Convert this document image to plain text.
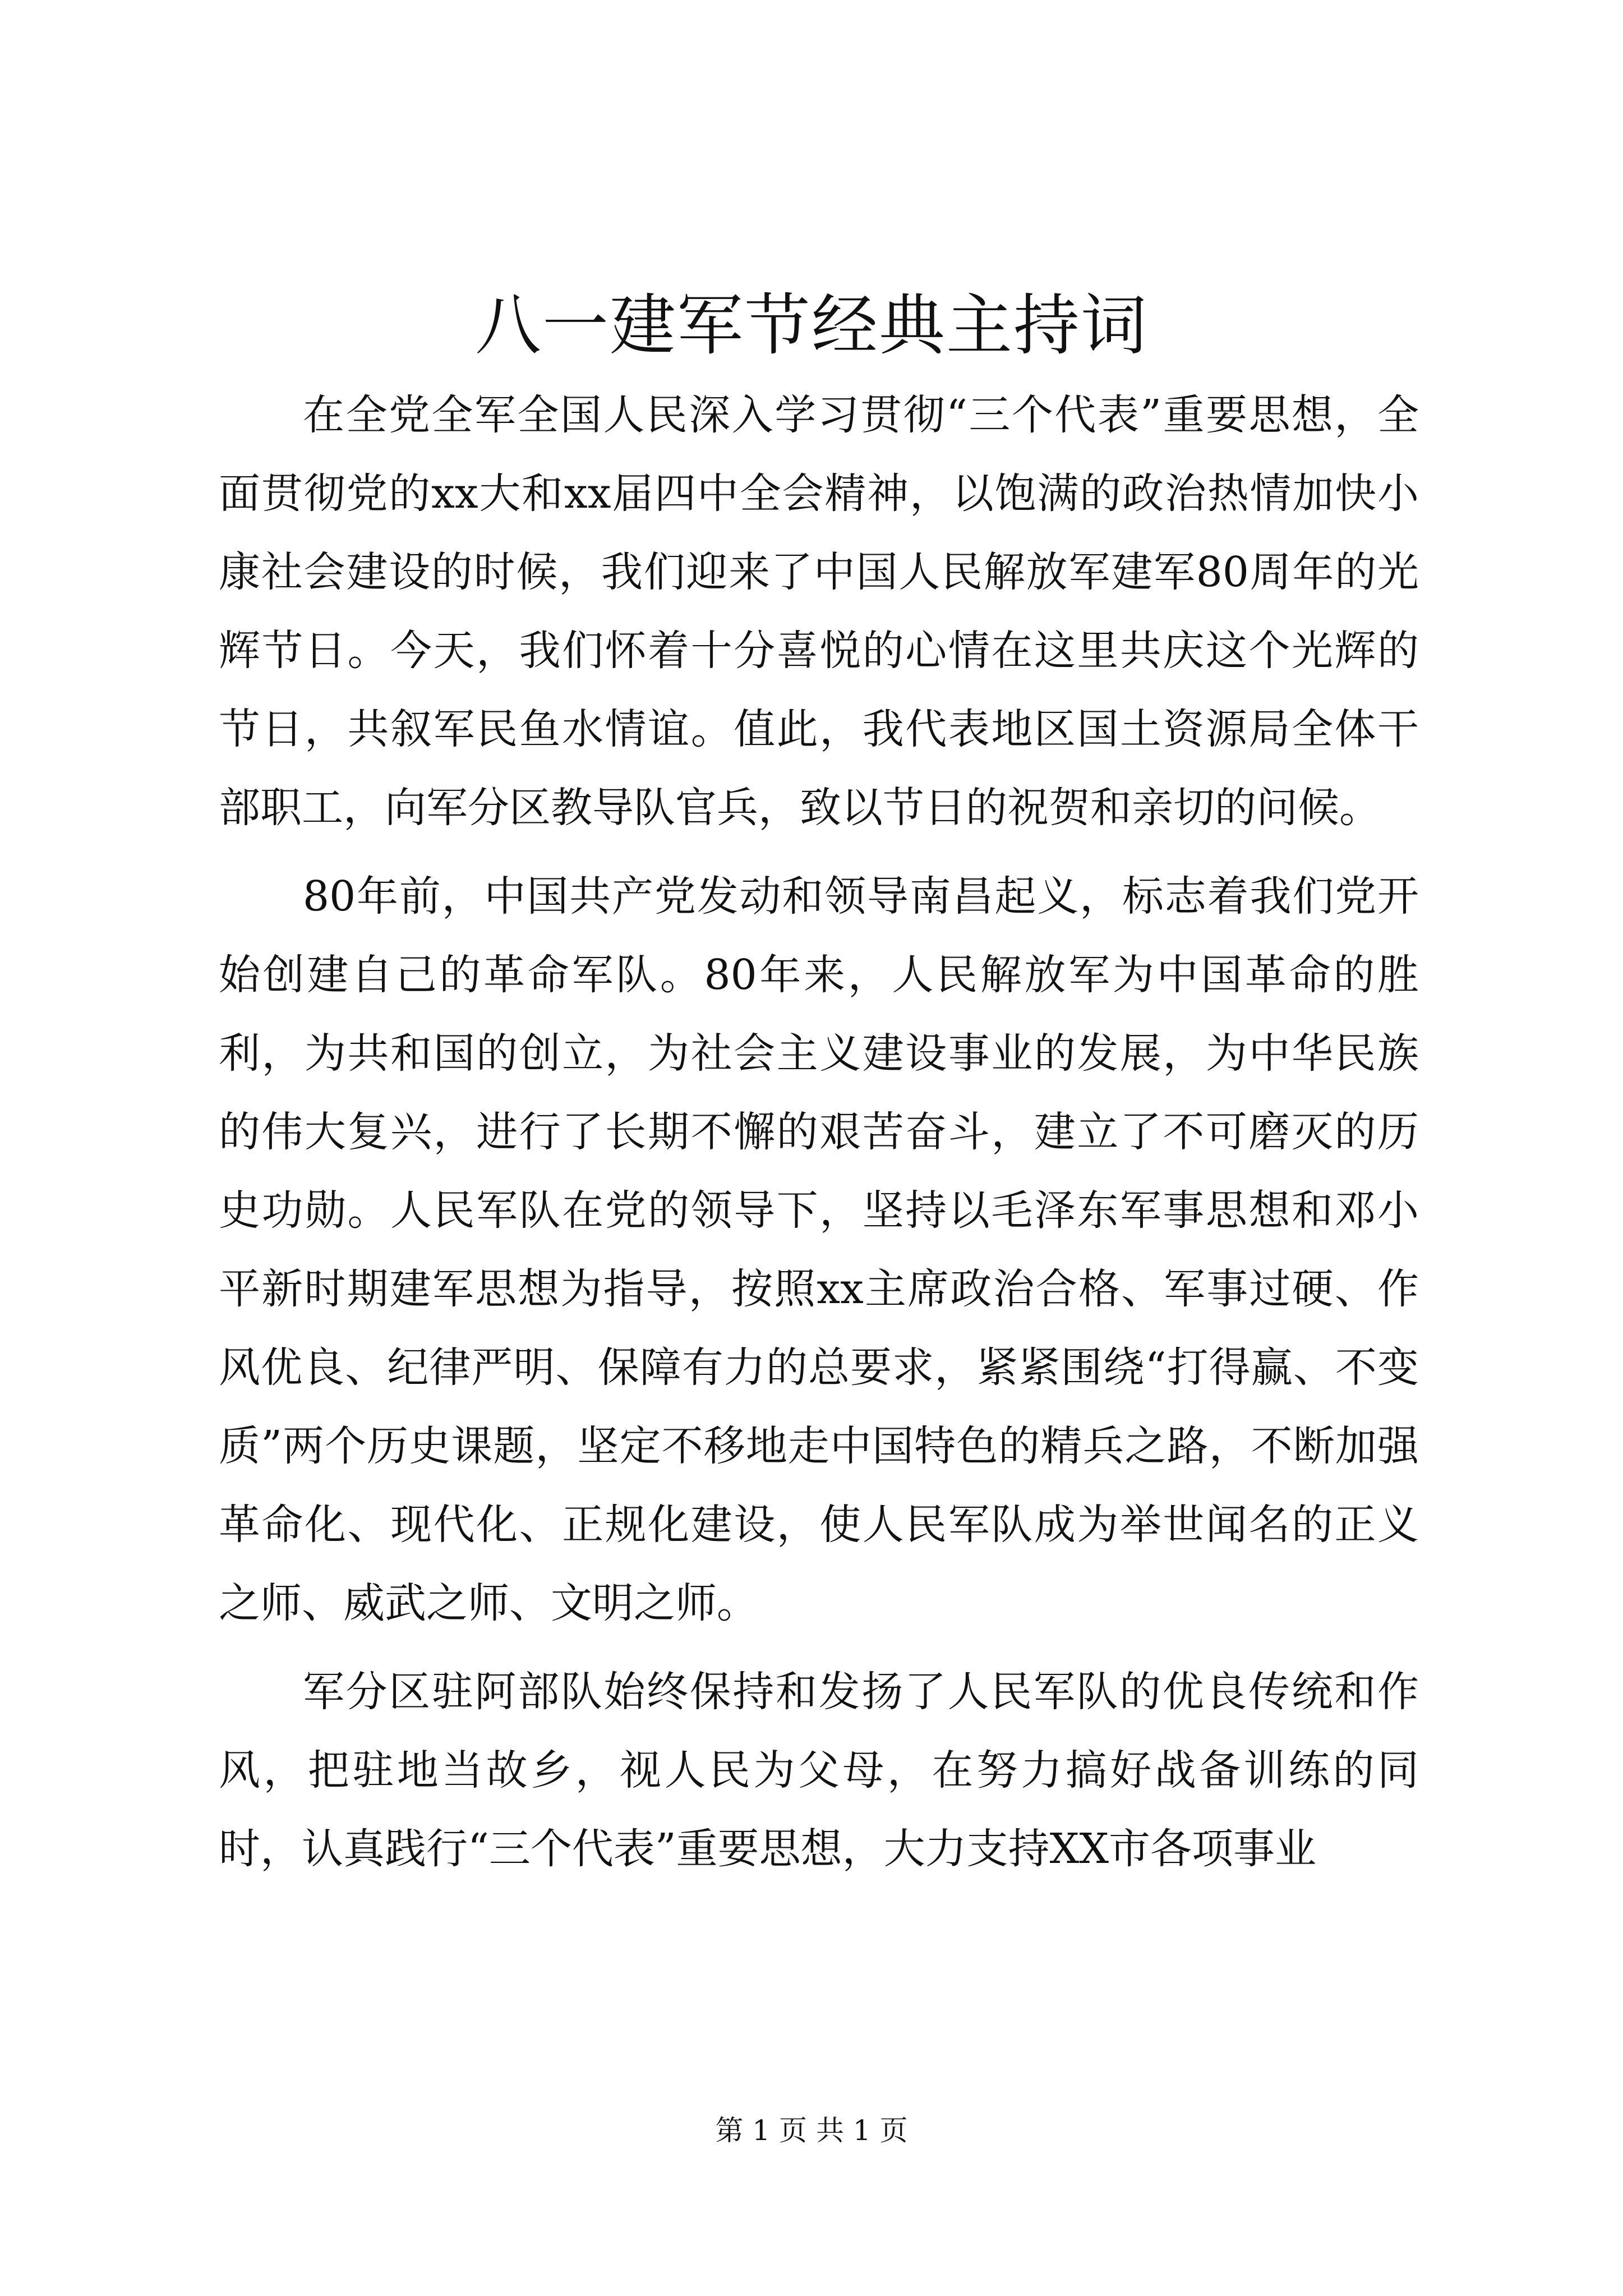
八一建军节经典主持词

在全党全军全国人民深入学习贯彻“三个代表”重要思想，全面贯彻党的xx大和xx届四中全会精神，以饱满的政治热情加快小康社会建设的时候，我们迎来了中国人民解放军建军80周年的光辉节日。今天，我们怀着十分喜悦的心情在这里共庆这个光辉的节日，共叙军民鱼水情谊。值此，我代表地区国土资源局全体干部职工，向军分区教导队官兵，致以节日的祝贺和亲切的问候。

80年前，中国共产党发动和领导南昌起义，标志着我们党开始创建自己的革命军队。80年来，人民解放军为中国革命的胜利，为共和国的创立，为社会主义建设事业的发展，为中华民族的伟大复兴，进行了长期不懈的艰苦奋斗，建立了不可磨灭的历史功勋。人民军队在党的领导下，坚持以毛泽东军事思想和邓小平新时期建军思想为指导，按照xx主席政治合格、军事过硬、作风优良、纪律严明、保障有力的总要求，紧紧围绕“打得赢、不变质”两个历史课题，坚定不移地走中国特色的精兵之路，不断加强革命化、现代化、正规化建设，使人民军队成为举世闻名的正义之师、威武之师、文明之师。

军分区驻阿部队始终保持和发扬了人民军队的优良传统和作风，把驻地当故乡，视人民为父母，在努力搞好战备训练的同时，认真践行“三个代表”重要思想，大力支持XX市各项事业

第 1 页 共 1 页
